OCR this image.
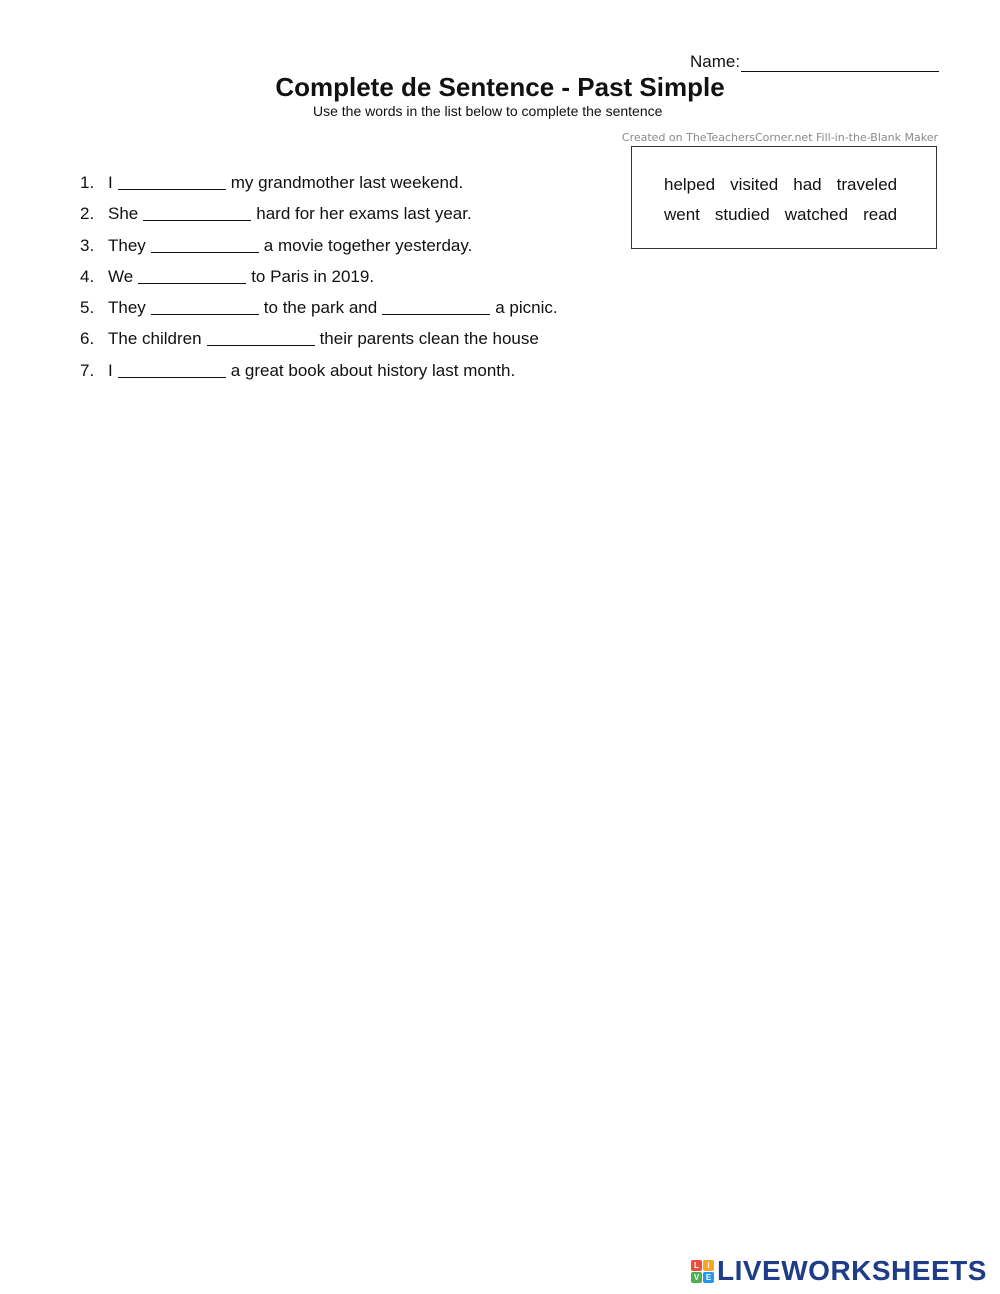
Name:
Complete de Sentence - Past Simple
Use the words in the list below to complete the sentence
Created on TheTeachersCorner.net Fill-in-the-Blank Maker
helped visited had traveled
went studied watched read
1. I	my grandmother last weekend.
2. She	hard for her exams last year.
3. They	a movie together yesterday.
4. We	to Paris in 2019.
5. They	to the park and	a picnic.
6. The children	their parents clean the house
7. I	a great book about history last month.
L	I
V E LIVEWORKSHEETS
